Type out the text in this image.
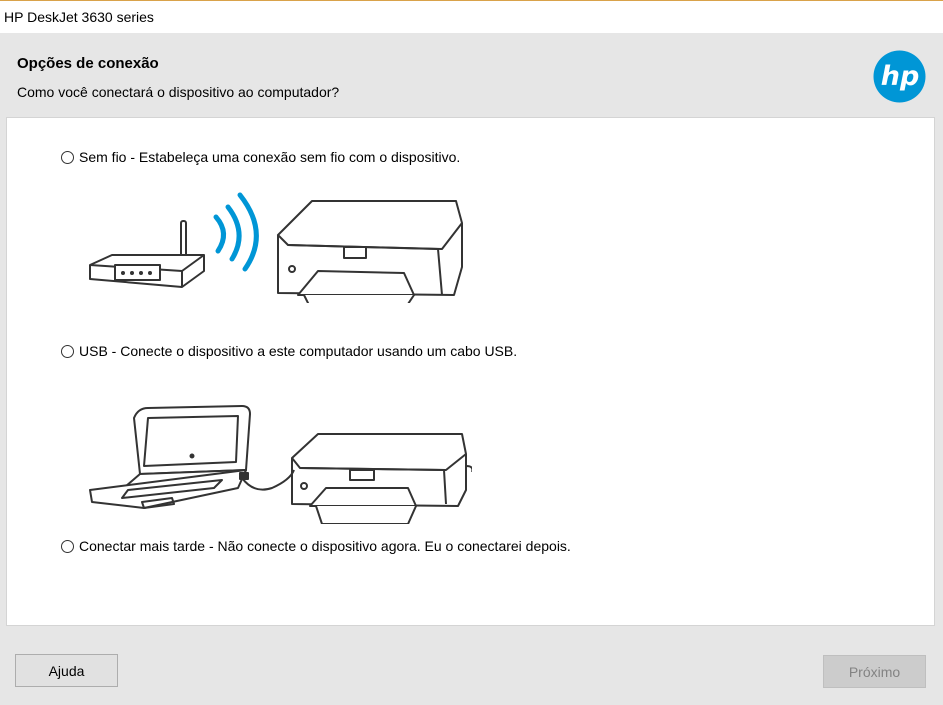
HP DeskJet 3630 series
Opções de conexão
Como você conectará o dispositivo ao computador?	hp
Sem fio - Estabeleça uma conexão sem fio com o dispositivo.
USB - Conecte o dispositivo a este computador usando um cabo USB.
Conectar mais tarde - Não conecte o dispositivo agora. Eu o conectarei depois.
Ajuda	Próximo
